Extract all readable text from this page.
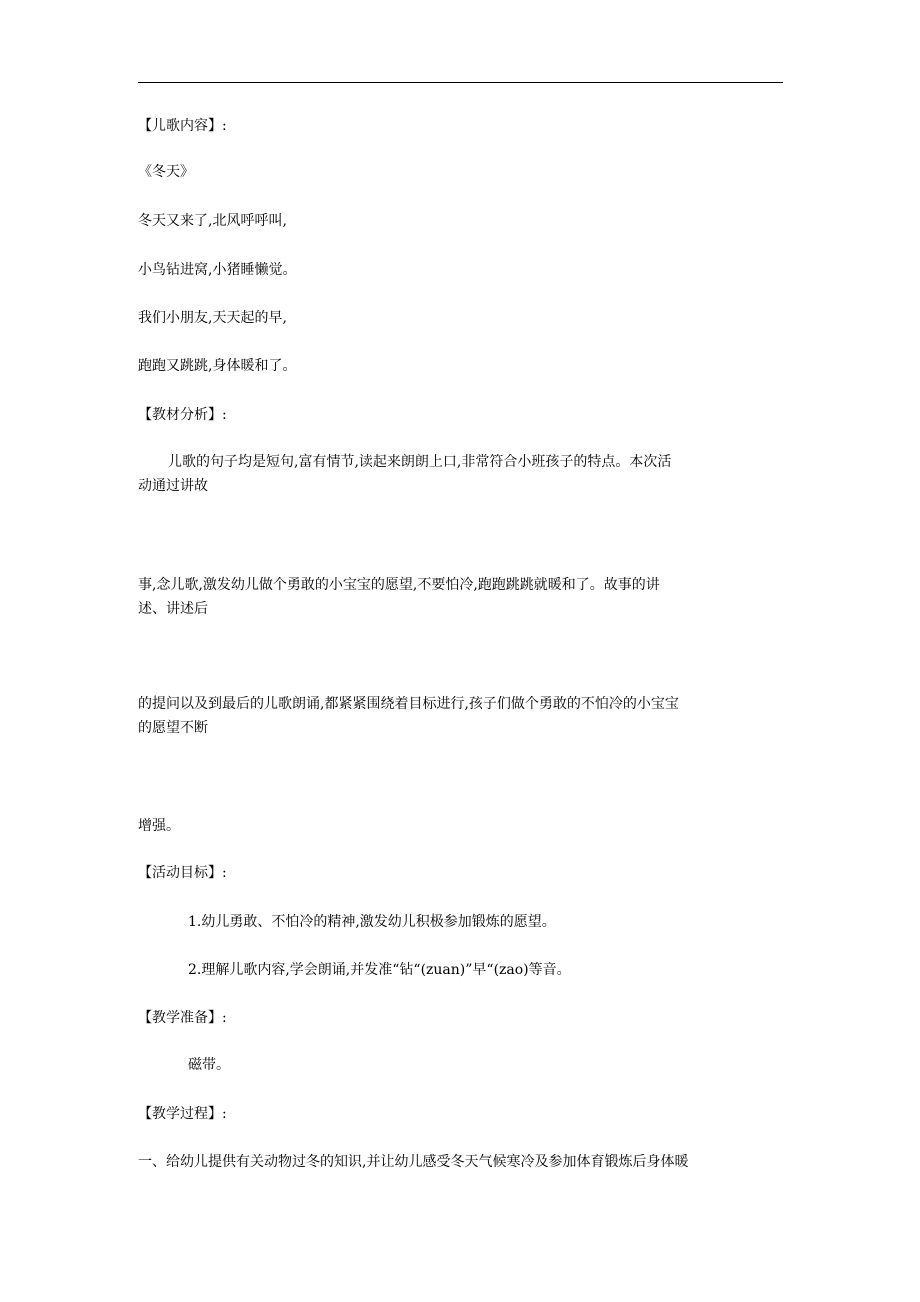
【儿歌内容】:

《冬天》

冬天又来了,北风呼呼叫,

小鸟钻进窝,小猪睡懒觉。

我们小朋友,天天起的早,

跑跑又跳跳,身体暖和了。

【教材分析】:

儿歌的句子均是短句,富有情节,读起来朗朗上口,非常符合小班孩子的特点。本次活

动通过讲故

事,念儿歌,激发幼儿做个勇敢的小宝宝的愿望,不要怕冷,跑跑跳跳就暖和了。故事的讲

述、讲述后

的提问以及到最后的儿歌朗诵,都紧紧围绕着目标进行,孩子们做个勇敢的不怕冷的小宝宝

的愿望不断

增强。

【活动目标】:

1.幼儿勇敢、不怕冷的精神,激发幼儿积极参加锻炼的愿望。

2.理解儿歌内容,学会朗诵,并发准“钻“(zuan)”早“(zao)等音。

【教学准备】:

磁带。

【教学过程】:

一、给幼儿提供有关动物过冬的知识,并让幼儿感受冬天气候寒冷及参加体育锻炼后身体暖
